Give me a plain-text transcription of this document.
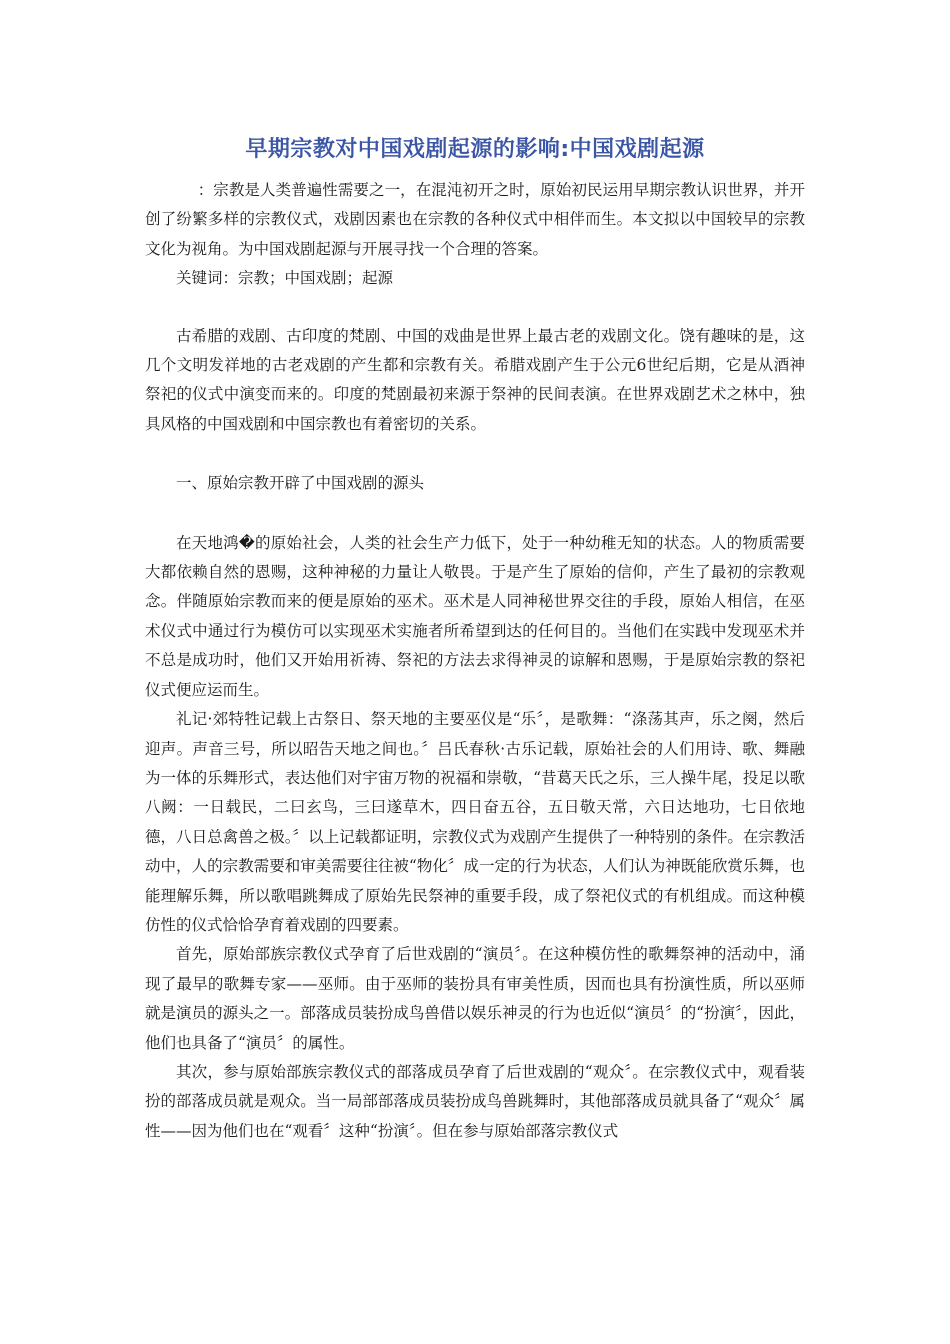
早期宗教对中国戏剧起源的影响:中国戏剧起源

：宗教是人类普遍性需要之一，在混沌初开之时，原始初民运用早期宗教认识世界，并开创了纷繁多样的宗教仪式，戏剧因素也在宗教的各种仪式中相伴而生。本文拟以中国较早的宗教文化为视角。为中国戏剧起源与开展寻找一个合理的答案。

关键词：宗教；中国戏剧；起源

古希腊的戏剧、古印度的梵剧、中国的戏曲是世界上最古老的戏剧文化。饶有趣味的是，这几个文明发祥地的古老戏剧的产生都和宗教有关。希腊戏剧产生于公元6世纪后期，它是从酒神祭祀的仪式中演变而来的。印度的梵剧最初来源于祭神的民间表演。在世界戏剧艺术之林中，独具风格的中国戏剧和中国宗教也有着密切的关系。

一、原始宗教开辟了中国戏剧的源头

在天地鸿�的原始社会，人类的社会生产力低下，处于一种幼稚无知的状态。人的物质需要大都依赖自然的恩赐，这种神秘的力量让人敬畏。于是产生了原始的信仰，产生了最初的宗教观念。伴随原始宗教而来的便是原始的巫术。巫术是人同神秘世界交往的手段，原始人相信，在巫术仪式中通过行为模仿可以实现巫术实施者所希望到达的任何目的。当他们在实践中发现巫术并不总是成功时，他们又开始用祈祷、祭祀的方法去求得神灵的谅解和恩赐，于是原始宗教的祭祀仪式便应运而生。

礼记·郊特牲记载上古祭日、祭天地的主要巫仪是“乐〞，是歌舞：“涤荡其声，乐之阕，然后迎声。声音三号，所以昭告天地之间也。〞吕氏春秋·古乐记载，原始社会的人们用诗、歌、舞融为一体的乐舞形式，表达他们对宇宙万物的祝福和崇敬，“昔葛天氏之乐，三人操牛尾，投足以歌八阙：一日载民，二曰玄鸟，三曰遂草木，四日奋五谷，五日敬天常，六日达地功，七日依地德，八日总禽兽之极。〞以上记载都证明，宗教仪式为戏剧产生提供了一种特别的条件。在宗教活动中，人的宗教需要和审美需要往往被“物化〞成一定的行为状态，人们认为神既能欣赏乐舞，也能理解乐舞，所以歌唱跳舞成了原始先民祭神的重要手段，成了祭祀仪式的有机组成。而这种模仿性的仪式恰恰孕育着戏剧的四要素。

首先，原始部族宗教仪式孕育了后世戏剧的“演员〞。在这种模仿性的歌舞祭神的活动中，涌现了最早的歌舞专家——巫师。由于巫师的装扮具有审美性质，因而也具有扮演性质，所以巫师就是演员的源头之一。部落成员装扮成鸟兽借以娱乐神灵的行为也近似“演员〞的“扮演〞，因此，他们也具备了“演员〞的属性。

其次，参与原始部族宗教仪式的部落成员孕育了后世戏剧的“观众〞。在宗教仪式中，观看装扮的部落成员就是观众。当一局部部落成员装扮成鸟兽跳舞时，其他部落成员就具备了“观众〞属性——因为他们也在“观看〞这种“扮演〞。但在参与原始部落宗教仪式
